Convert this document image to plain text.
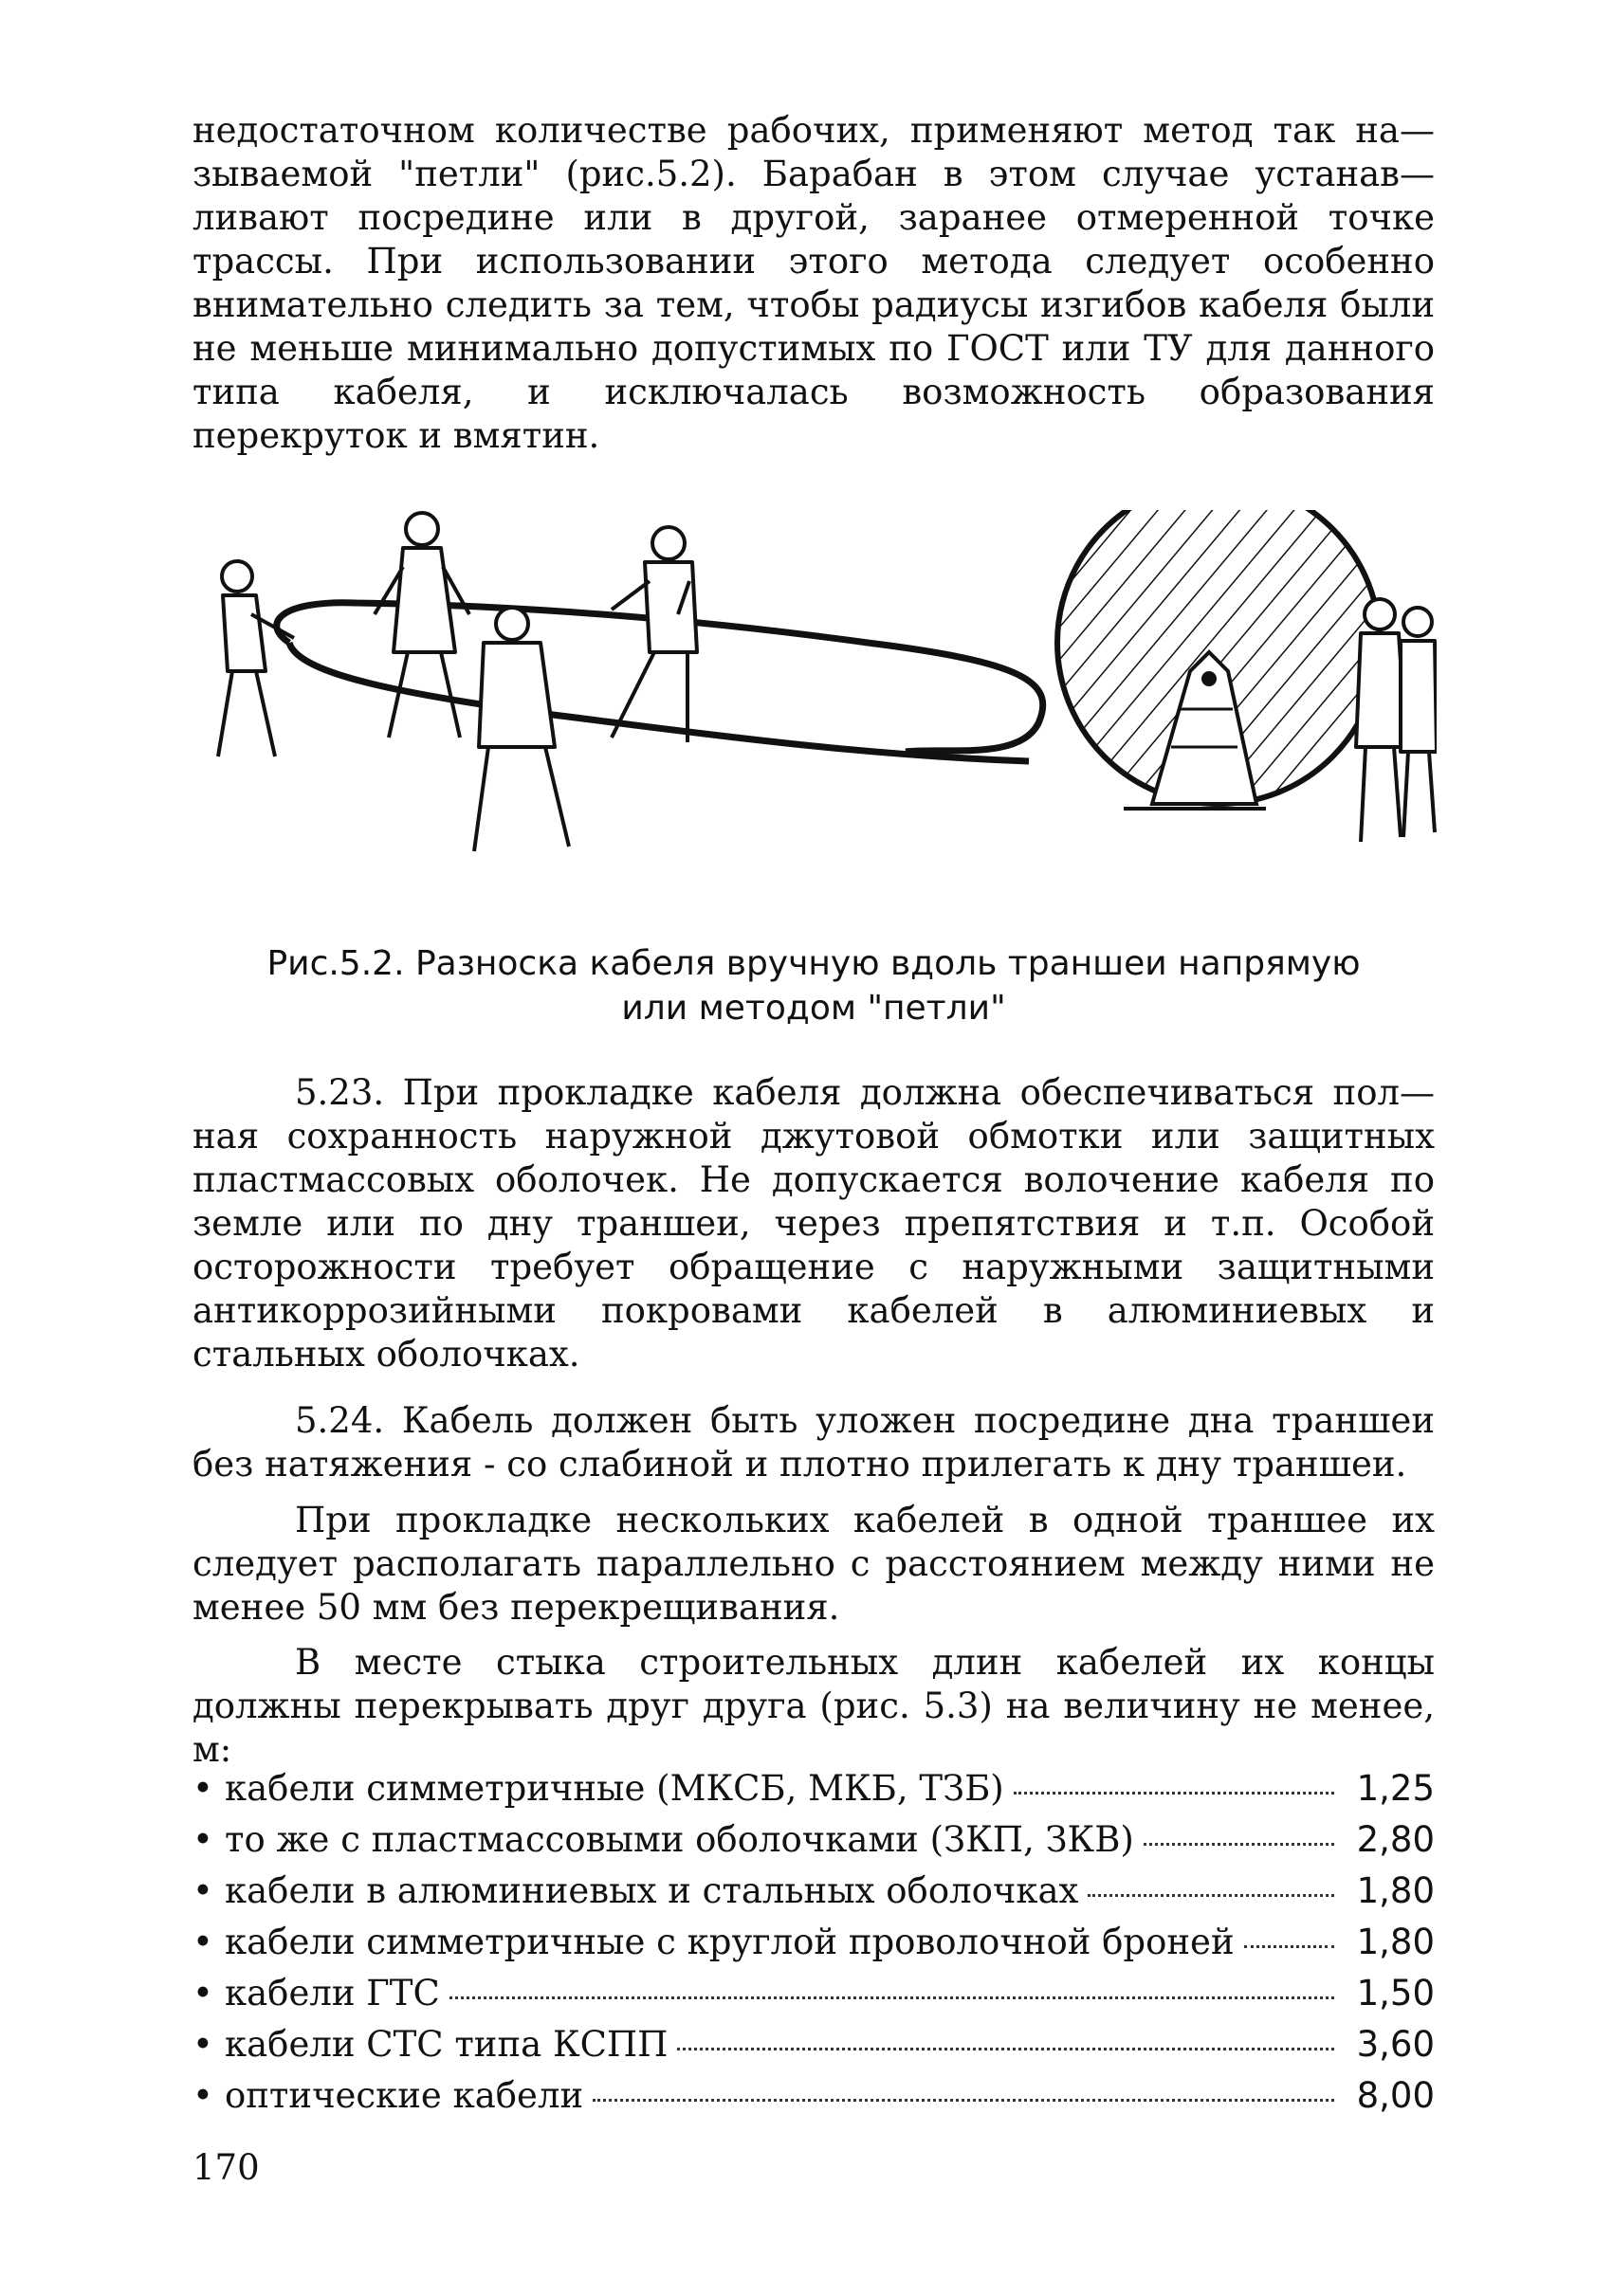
недостаточном количестве рабочих, применяют метод так на—зываемой "петли" (рис.5.2). Барабан в этом случае устанав—ливают посредине или в другой, заранее отмеренной точке трассы. При использовании этого метода следует особенно внимательно следить за тем, чтобы радиусы изгибов кабеля были не меньше минимально допустимых по ГОСТ или ТУ для данного типа кабеля, и исключалась возможность образования перекруток и вмятин.

Рис.5.2. Разноска кабеля вручную вдоль траншеи напрямую
или методом "петли"

5.23. При прокладке кабеля должна обеспечиваться пол—ная сохранность наружной джутовой обмотки или защитных пластмассовых оболочек. Не допускается волочение кабеля по земле или по дну траншеи, через препятствия и т.п. Особой осторожности требует обращение с наружными защитными антикоррозийными покровами кабелей в алюминиевых и стальных оболочках.

5.24. Кабель должен быть уложен посредине дна траншеи без натяжения - со слабиной и плотно прилегать к дну траншеи.

При прокладке нескольких кабелей в одной траншее их следует располагать параллельно с расстоянием между ними не менее 50 мм без перекрещивания.

В месте стыка строительных длин кабелей их концы должны перекрывать друг друга (рис. 5.3) на величину не менее, м:

• кабели симметричные (МКСБ, МКБ, ТЗБ)	1,25
• то же с пластмассовыми оболочками (ЗКП, ЗКВ)	2,80
• кабели в алюминиевых и стальных оболочках	1,80
• кабели симметричные с круглой проволочной броней	1,80
• кабели ГТС	1,50
• кабели СТС типа КСПП	3,60
• оптические кабели	8,00

170
